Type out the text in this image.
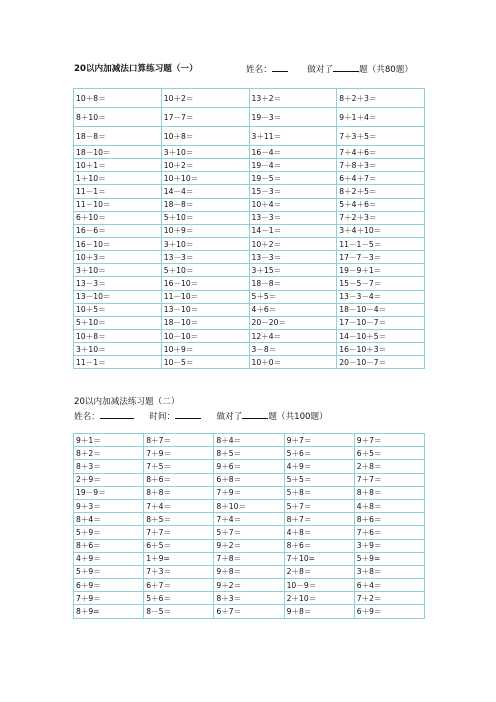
20以内加减法口算练习题（一）	姓名：	做对了	题（共80题）
10＋8＝	10＋2＝	13＋2＝	8＋2＋3＝
8＋10＝	17－7＝	19－3＝	9＋1＋4＝
18－8＝	10＋8＝	3＋11＝	7＋3＋5＝
18－10＝	3＋10＝	16－4＝	7＋4＋6＝
10＋1＝	10＋2＝	19－4＝	7＋8＋3＝
1＋10＝	10＋10＝	19－5＝	6＋4＋7＝
11－1＝	14－4＝	15－3＝	8＋2＋5＝
11－10＝	18－8＝	10＋4＝	5＋4＋6＝
6＋10＝	5＋10＝	13－3＝	7＋2＋3＝
16－6＝	10＋9＝	14－1＝	3＋4＋10＝
16－10＝	3＋10＝	10＋2＝	11－1－5＝
10＋3＝	13－3＝	13－3＝	17－7－3＝
3＋10＝	5＋10＝	3＋15＝	19－9＋1＝
13－3＝	16－10＝	18－8＝	15－5－7＝
13－10＝	11－10＝	5＋5＝	13－3－4＝
10＋5＝	13－10＝	4＋6＝	18－10－4＝
5＋10＝	18－10＝	20－20＝	17－10－7＝
10＋8＝	10－10＝	12＋4＝	14－10＋5＝
3＋10＝	10＋9＝	3－8＝	16－10＋3＝
11－1＝	10－5＝	10＋0＝	20－10－7＝
20以内加减法练习题（二）
姓名：	时间：	做对了	题（共100题）
9＋1＝	8＋7＝	8＋4＝	9＋7＝	9＋7＝
8＋2＝	7＋9＝	8＋5＝	5＋6＝	6＋5＝
8＋3＝	7＋5＝	9＋6＝	4＋9＝	2＋8＝
2＋9＝	8＋6＝	6＋8＝	5＋5＝	7＋7＝
19－9＝	8＋8＝	7＋9＝	5＋8＝	8＋8＝
9＋3＝	7＋4＝	8＋10＝	5＋7＝	4＋8＝
8＋4＝	8＋5＝	7＋4＝	8＋7＝	8＋6＝
5＋9＝	7＋7＝	5＋7＝	4＋8＝	7＋6＝
8＋6＝	6＋5＝	9＋2＝	8＋6＝	3＋9＝
4＋9＝	1＋9=	7＋8＝	7＋10=	5＋9=
5＋9＝	7＋3＝	9＋8＝	2＋8＝	3＋8＝
6＋9＝	6＋7＝	9＋2＝	10－9＝	6＋4＝
7＋9＝	5＋6＝	8＋3＝	2＋10＝	7＋2＝
8＋9=	8－5＝	6＋7＝	9＋8＝	6＋9＝
